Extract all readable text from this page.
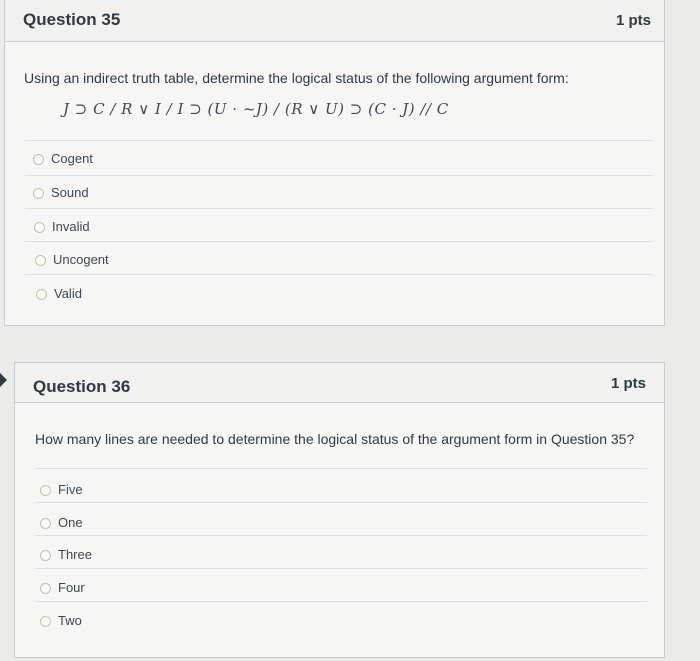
Question 35	1 pts
Using an indirect truth table, determine the logical status of the following argument form:
J ⊃ C / R ∨ I / I ⊃ (U · ~J) / (R ∨ U) ⊃ (C · J) // C
Cogent
Sound
Invalid
Uncogent
Valid
Question 36	1 pts
How many lines are needed to determine the logical status of the argument form in Question 35?
Five
One
Three
Four
Two
